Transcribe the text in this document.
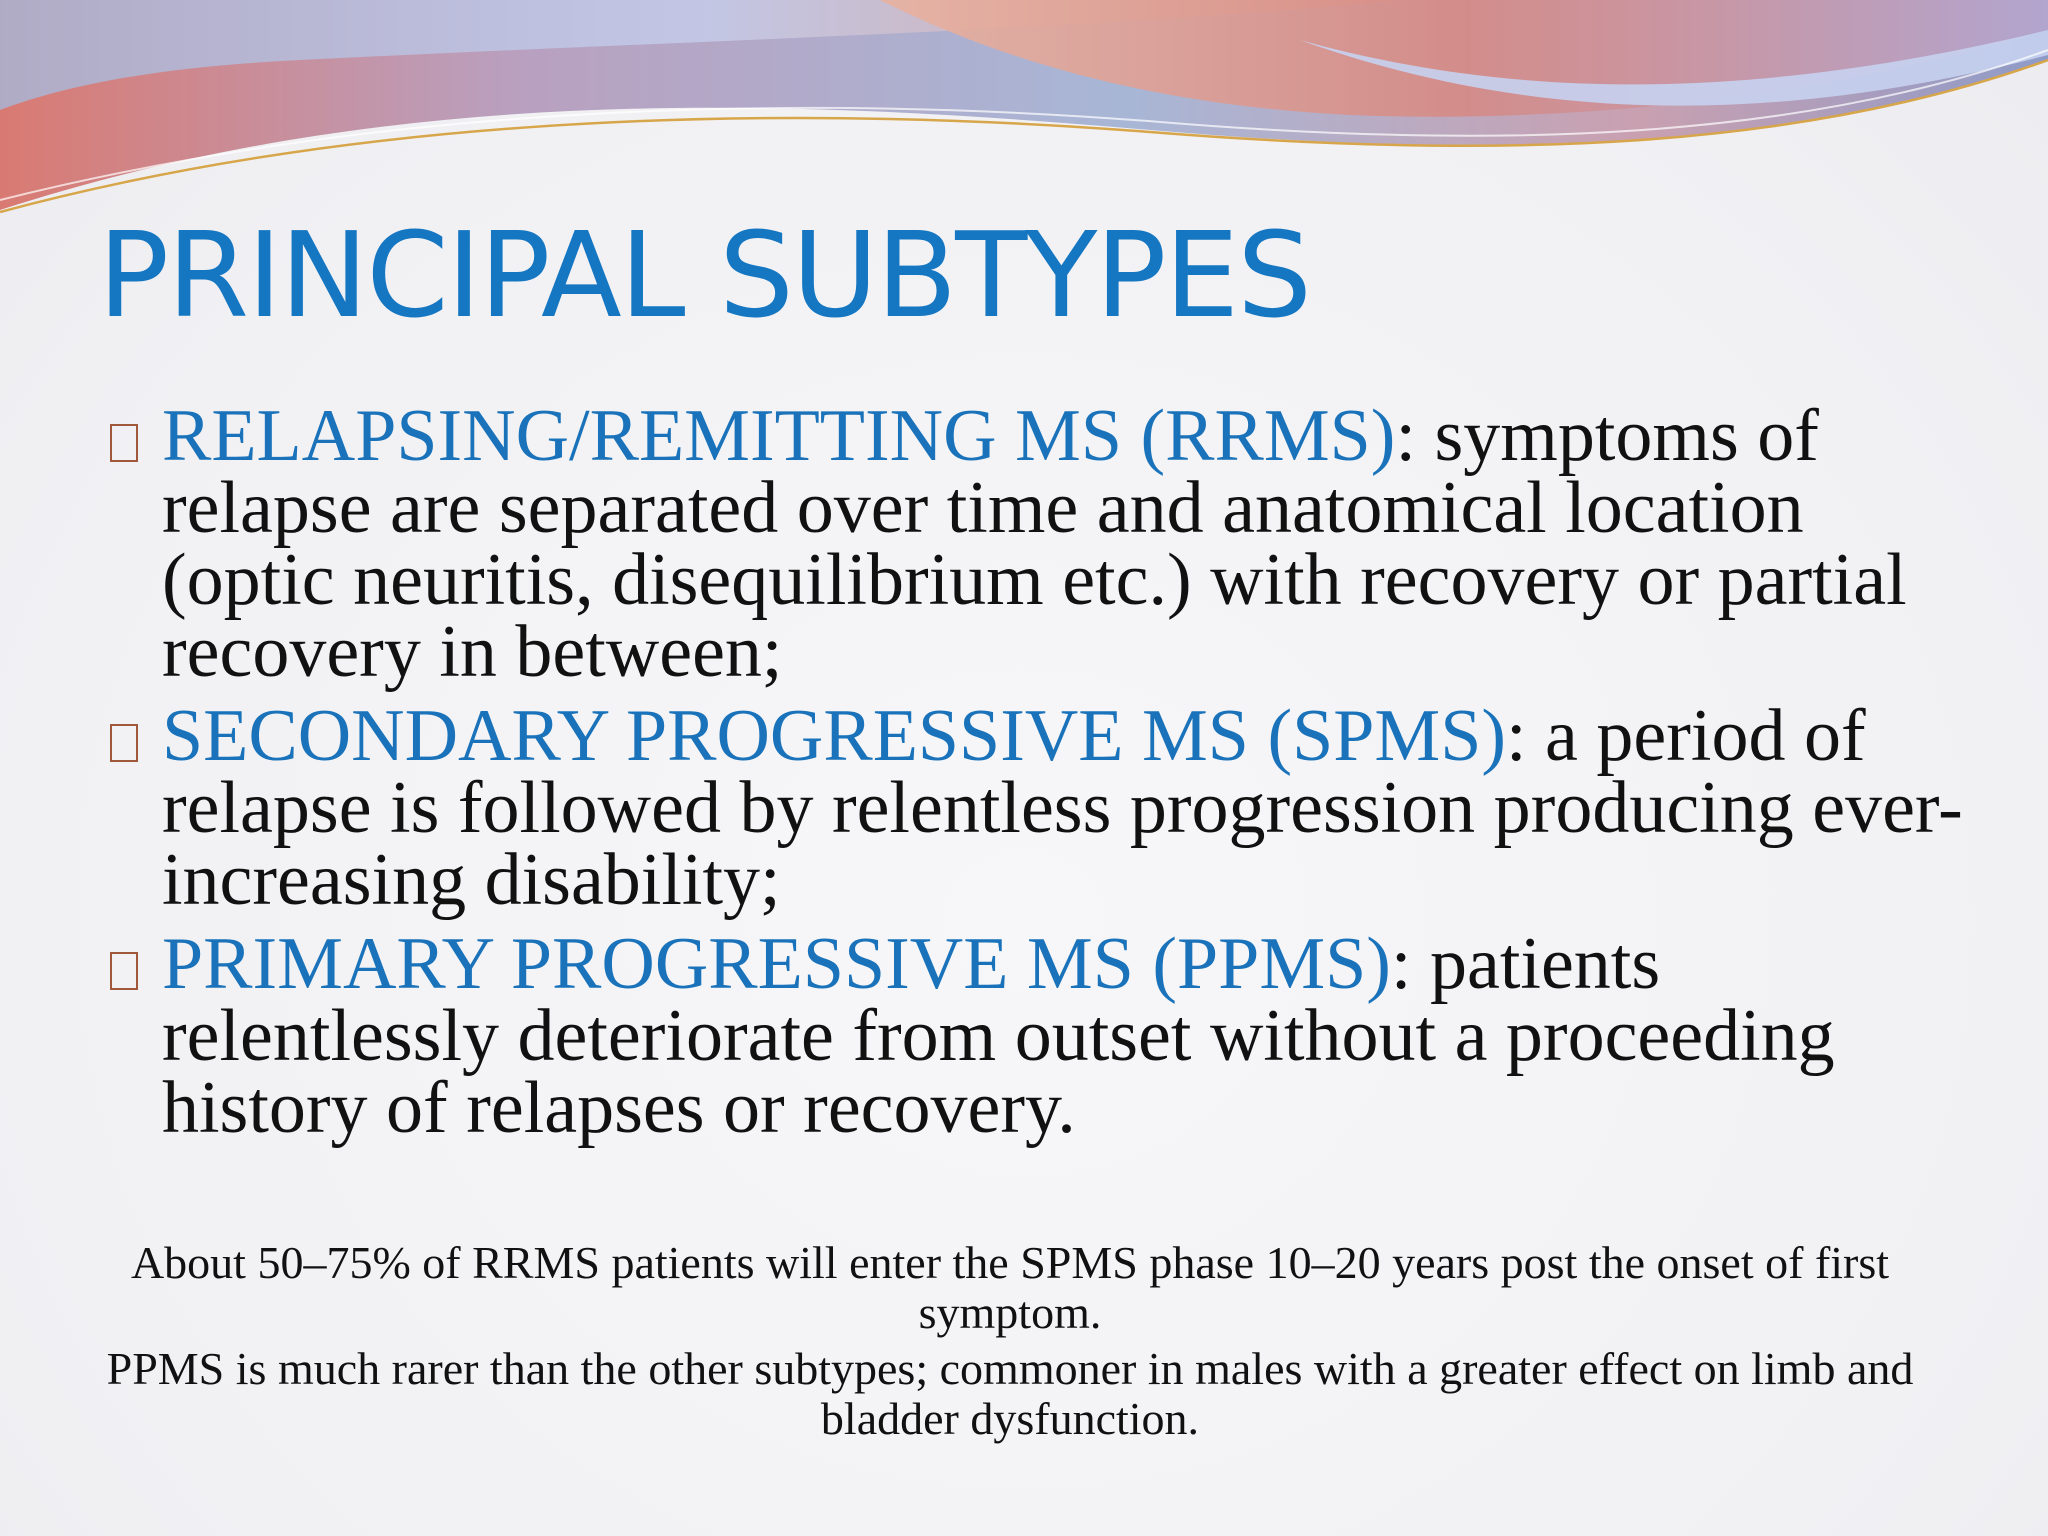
PRINCIPAL SUBTYPES
RELAPSING/REMITTING MS (RRMS): symptoms of relapse are separated over time and anatomical location (optic neuritis, disequilibrium etc.) with recovery or partial recovery in between;
SECONDARY PROGRESSIVE MS (SPMS): a period of relapse is followed by relentless progression producing ever-increasing disability;
PRIMARY PROGRESSIVE MS (PPMS): patients relentlessly deteriorate from outset without a proceeding history of relapses or recovery.

About 50–75% of RRMS patients will enter the SPMS phase 10–20 years post the onset of first symptom.

PPMS is much rarer than the other subtypes; commoner in males with a greater effect on limb and bladder dysfunction.
